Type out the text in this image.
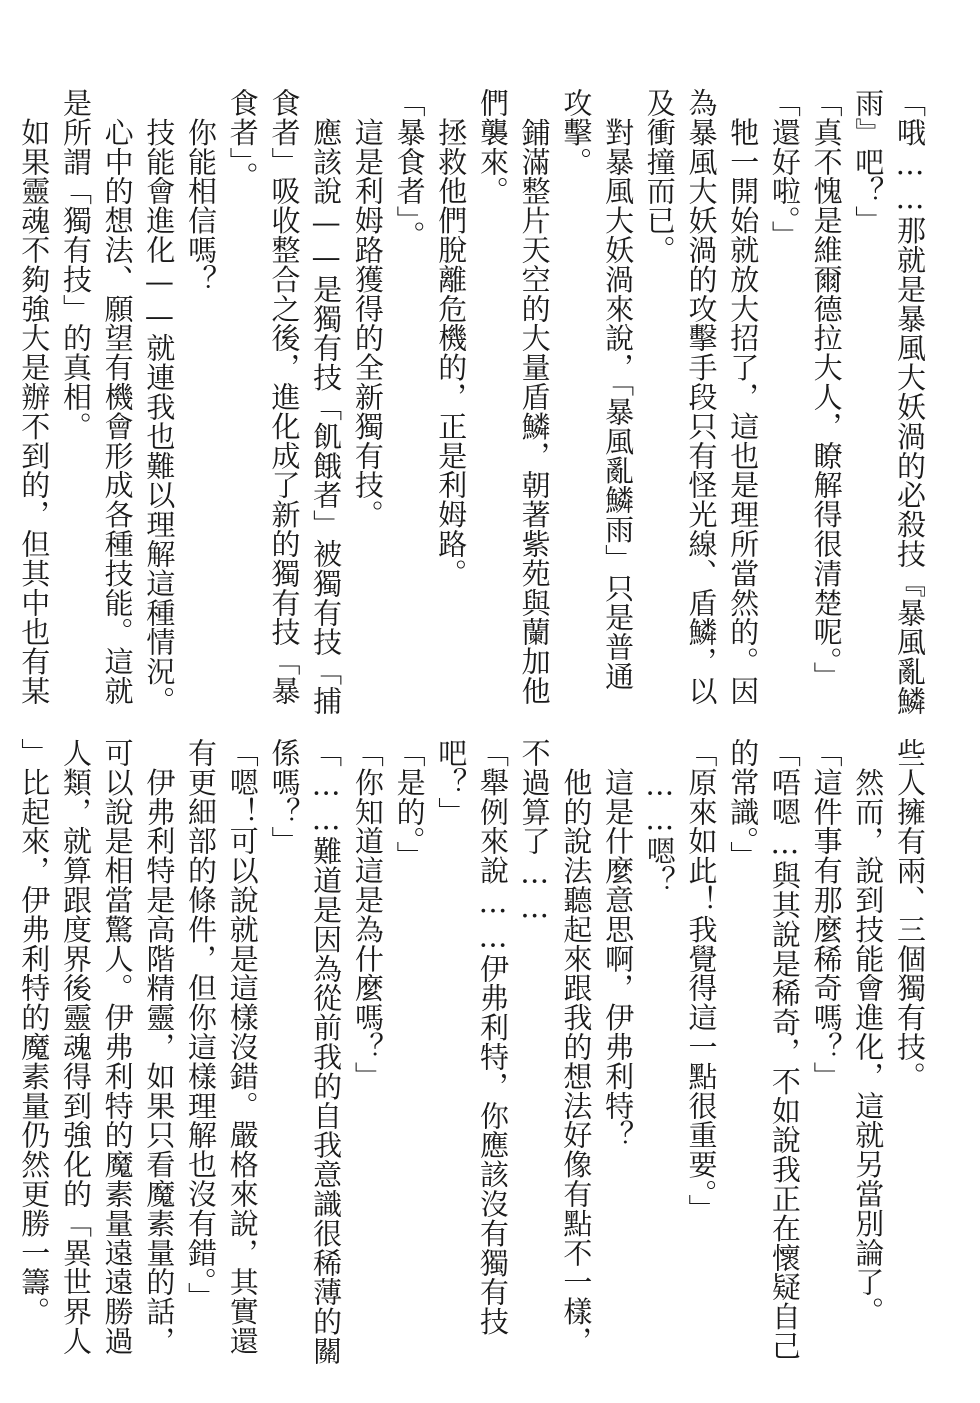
「哦……那就是暴風大妖渦的必殺技『暴風亂鱗
雨』吧？」
「真不愧是維爾德拉大人，瞭解得很清楚呢。」
「還好啦。」
　牠一開始就放大招了，這也是理所當然的。因
為暴風大妖渦的攻擊手段只有怪光線、盾鱗，以
及衝撞而已。
　對暴風大妖渦來說，「暴風亂鱗雨」只是普通
攻擊。
　鋪滿整片天空的大量盾鱗，朝著紫苑與蘭加他
們襲來。
　拯救他們脫離危機的，正是利姆路。
「暴食者」。
　這是利姆路獲得的全新獨有技。
　應該說——是獨有技「飢餓者」被獨有技「捕
食者」吸收整合之後，進化成了新的獨有技「暴
食者」。
　你能相信嗎？
　技能會進化——就連我也難以理解這種情況。
　心中的想法、願望有機會形成各種技能。這就
是所謂「獨有技」的真相。
　如果靈魂不夠強大是辦不到的，但其中也有某
些人擁有兩、三個獨有技。
　然而，說到技能會進化，這就另當別論了。
「這件事有那麼稀奇嗎？」
「唔嗯…與其說是稀奇，不如說我正在懷疑自己
的常識。」
「原來如此！我覺得這一點很重要。」
　……嗯？
　這是什麼意思啊，伊弗利特？
　他的說法聽起來跟我的想法好像有點不一樣，
不過算了……
「舉例來說……伊弗利特，你應該沒有獨有技
吧？」
「是的。」
「你知道這是為什麼嗎？」
「……難道是因為從前我的自我意識很稀薄的關
係嗎？」
「嗯！可以說就是這樣沒錯。嚴格來說，其實還
有更細部的條件，但你這樣理解也沒有錯。」
　伊弗利特是高階精靈，如果只看魔素量的話，
可以說是相當驚人。伊弗利特的魔素量遠遠勝過
人類，就算跟度界後靈魂得到強化的「異世界人
」比起來，伊弗利特的魔素量仍然更勝一籌。
